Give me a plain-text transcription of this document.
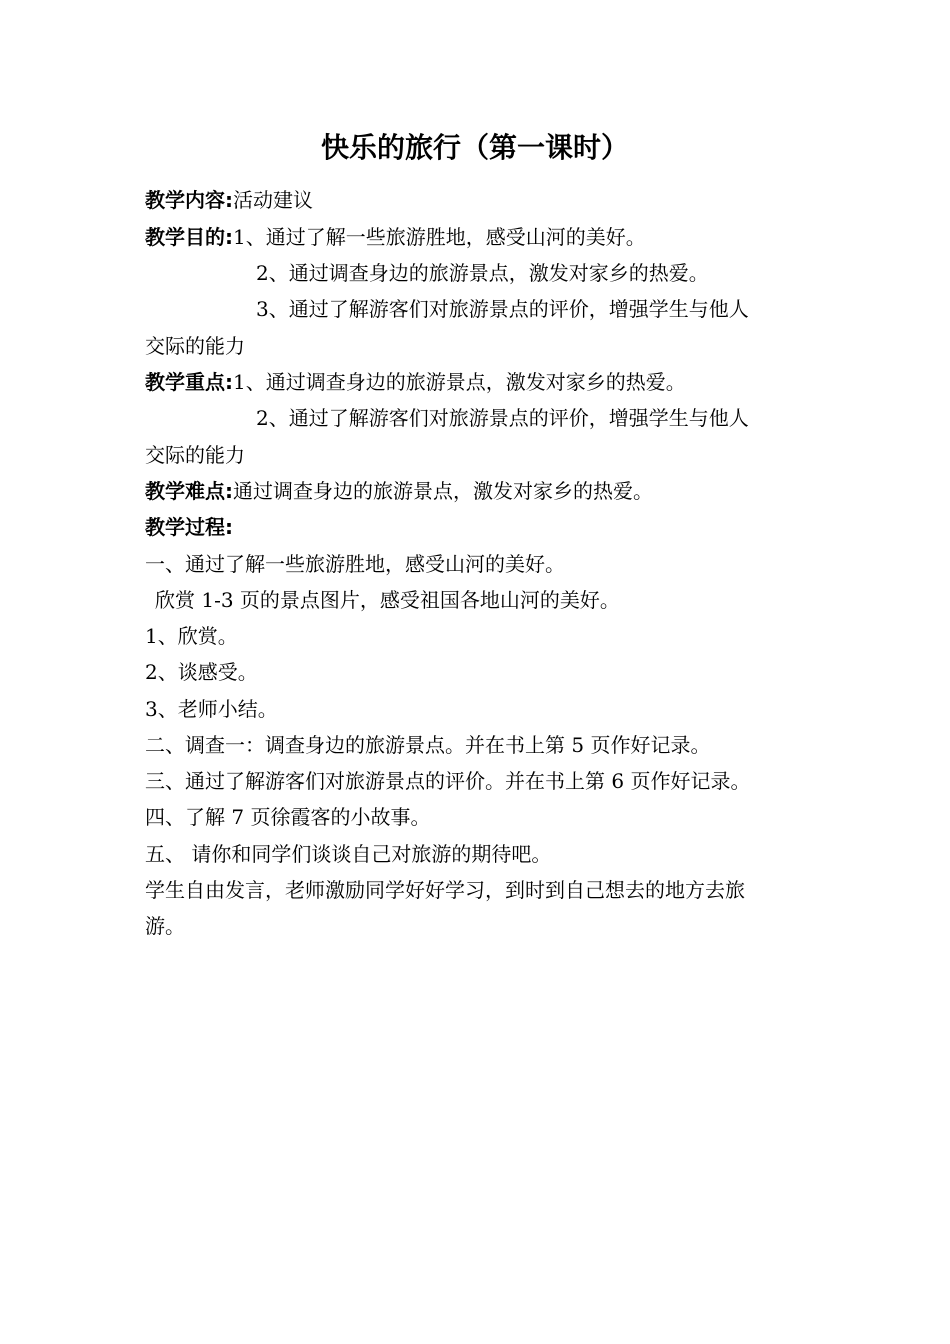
快乐的旅行（第一课时）
教学内容:活动建议
教学目的:1、通过了解一些旅游胜地，感受山河的美好。
2、通过调查身边的旅游景点，激发对家乡的热爱。
3、通过了解游客们对旅游景点的评价，增强学生与他人
交际的能力
教学重点:1、通过调查身边的旅游景点，激发对家乡的热爱。
2、通过了解游客们对旅游景点的评价，增强学生与他人
交际的能力
教学难点:通过调查身边的旅游景点，激发对家乡的热爱。
教学过程:
一、通过了解一些旅游胜地，感受山河的美好。
欣赏 1-3 页的景点图片，感受祖国各地山河的美好。
1、欣赏。
2、谈感受。
3、老师小结。
二、调查一：调查身边的旅游景点。并在书上第 5 页作好记录。
三、通过了解游客们对旅游景点的评价。并在书上第 6 页作好记录。
四、了解 7 页徐霞客的小故事。
五、 请你和同学们谈谈自己对旅游的期待吧。
学生自由发言，老师激励同学好好学习，到时到自己想去的地方去旅
游。
